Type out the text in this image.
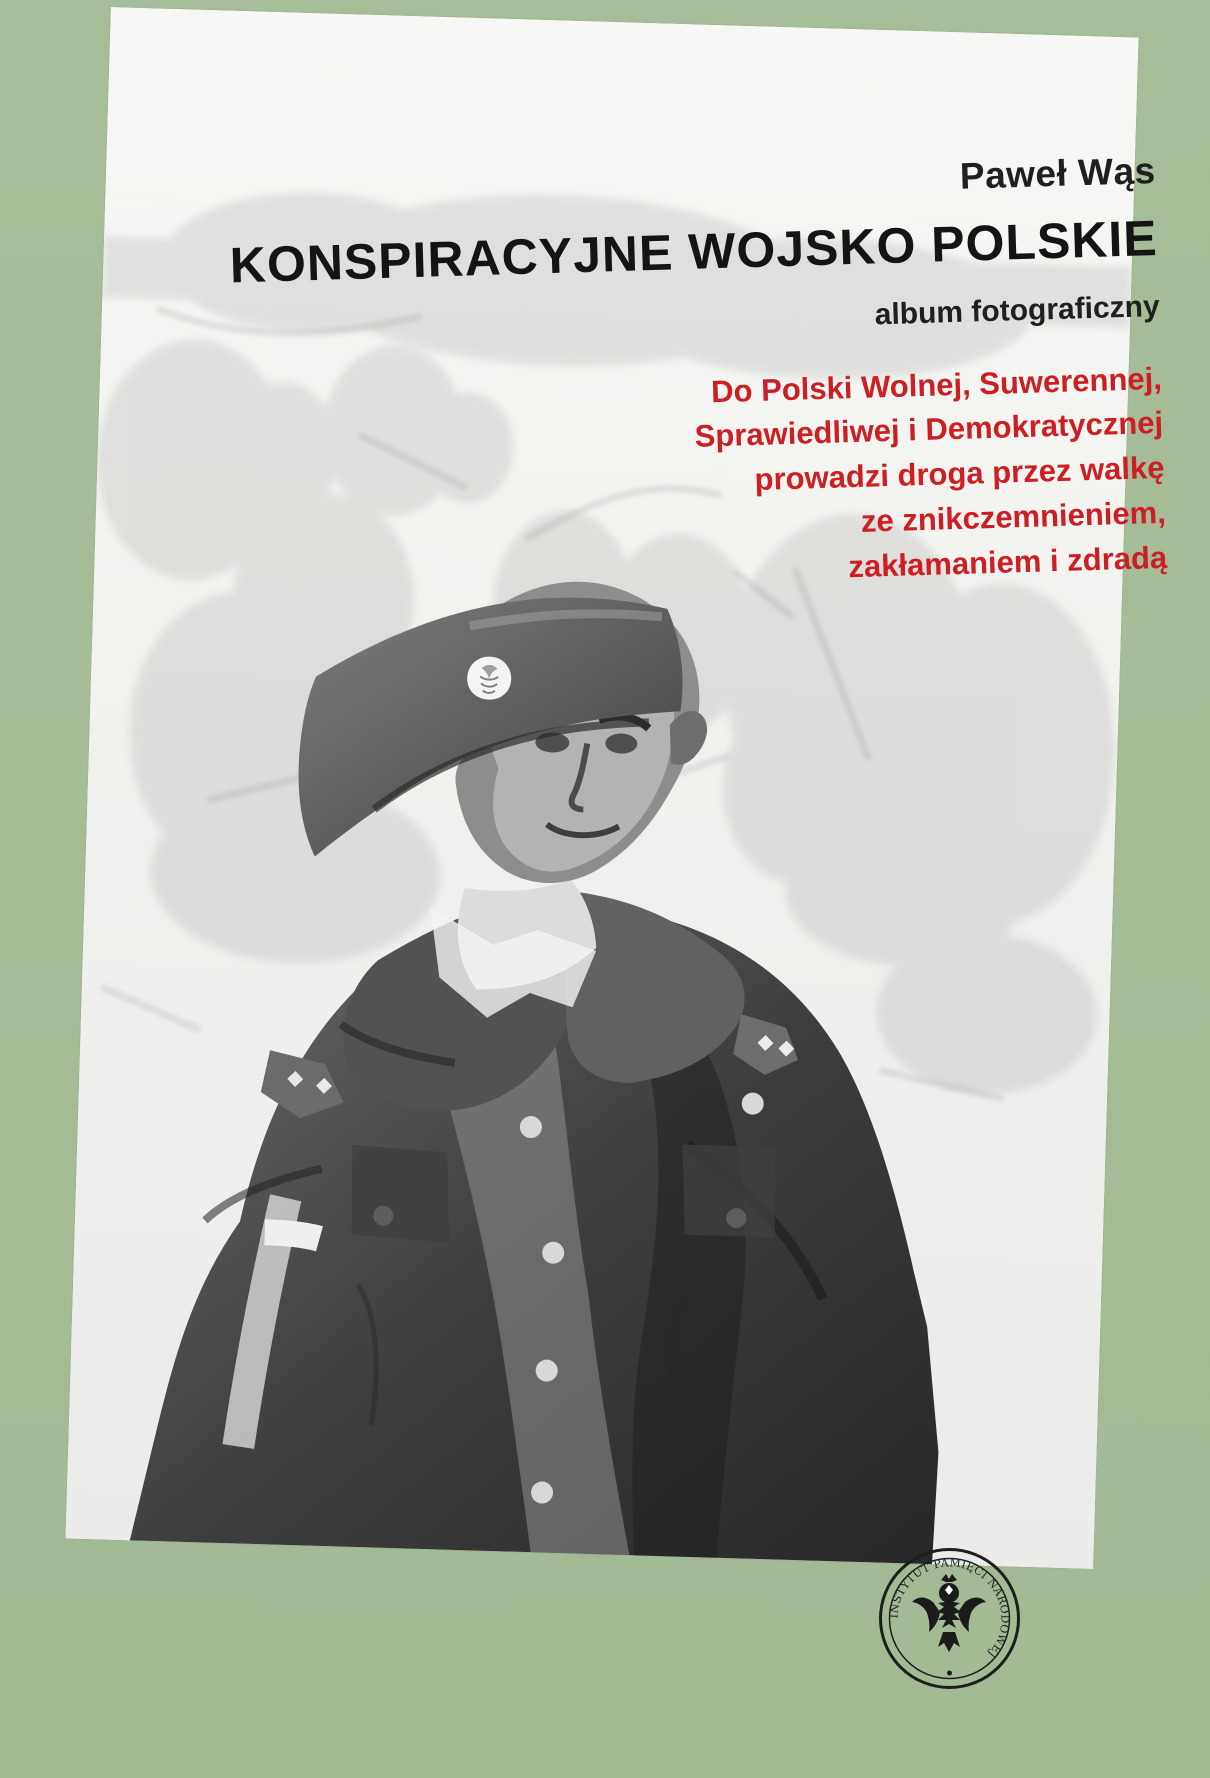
Paweł Wąs
KONSPIRACYJNE WOJSKO POLSKIE
album fotograficzny
Do Polski Wolnej, Suwerennej,
Sprawiedliwej i Demokratycznej
prowadzi droga przez walkę
ze znikczemnieniem,
zakłamaniem i zdradą
INSTYTUT PAMIĘCI NARODOWEJ
